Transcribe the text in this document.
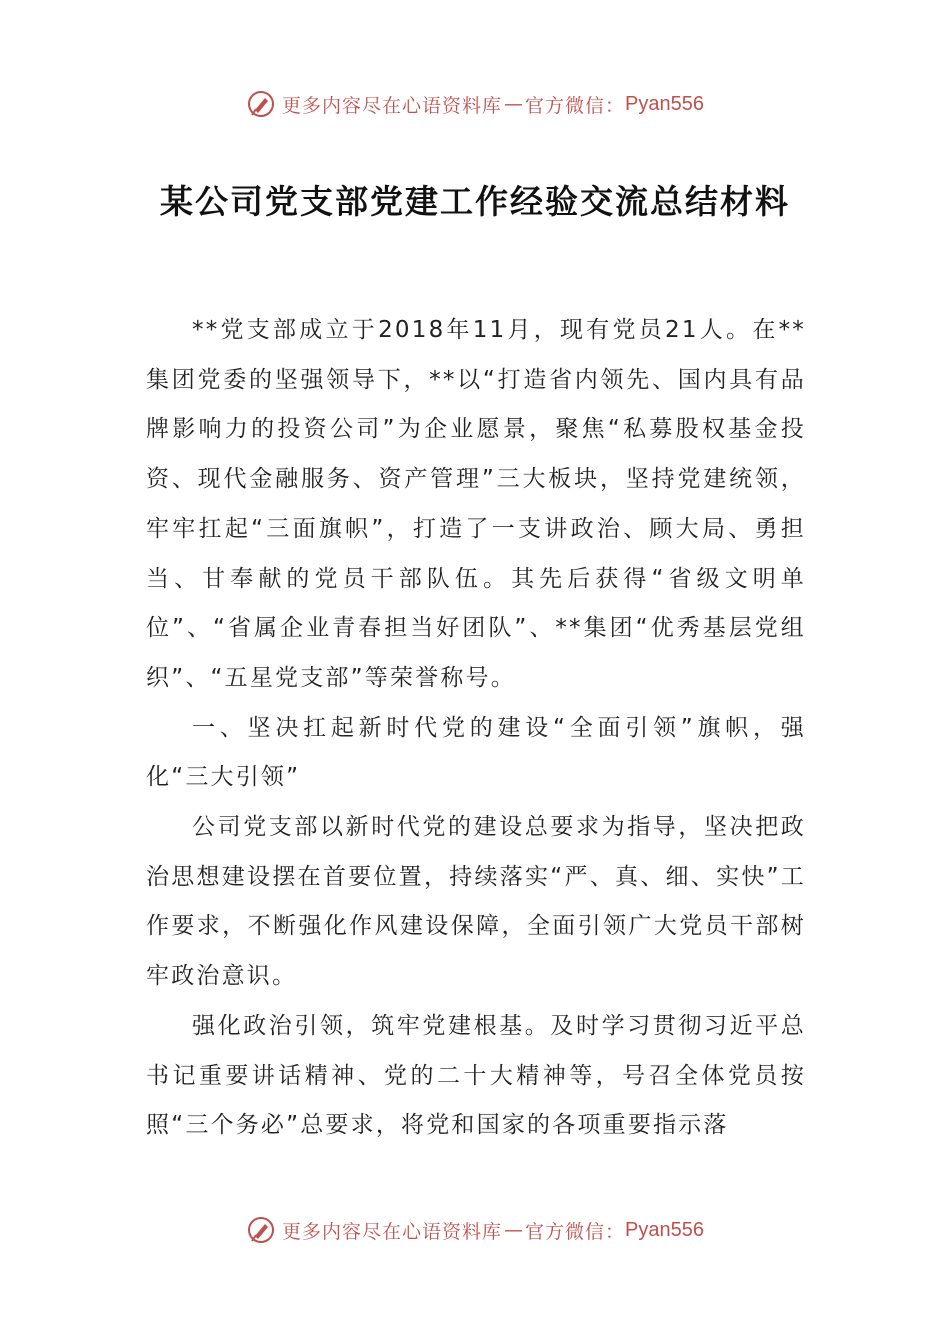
更多内容尽在心语资料库 — 官方微信： Pyan556
某公司党支部党建工作经验交流总结材料

**党支部成立于2018年11月，现有党员21人。在**集团党委的坚强领导下，**以“打造省内领先、国内具有品牌影响力的投资公司”为企业愿景，聚焦“私募股权基金投资、现代金融服务、资产管理”三大板块，坚持党建统领，牢牢扛起“三面旗帜”，打造了一支讲政治、顾大局、勇担当、甘奉献的党员干部队伍。其先后获得“省级文明单位”、“省属企业青春担当好团队”、**集团“优秀基层党组织”、“五星党支部”等荣誉称号。

一、坚决扛起新时代党的建设“全面引领”旗帜，强化“三大引领”

公司党支部以新时代党的建设总要求为指导，坚决把政治思想建设摆在首要位置，持续落实“严、真、细、实快”工作要求，不断强化作风建设保障，全面引领广大党员干部树牢政治意识。

强化政治引领，筑牢党建根基。及时学习贯彻习近平总书记重要讲话精神、党的二十大精神等，号召全体党员按照“三个务必”总要求，将党和国家的各项重要指示落

更多内容尽在心语资料库 — 官方微信： Pyan556
